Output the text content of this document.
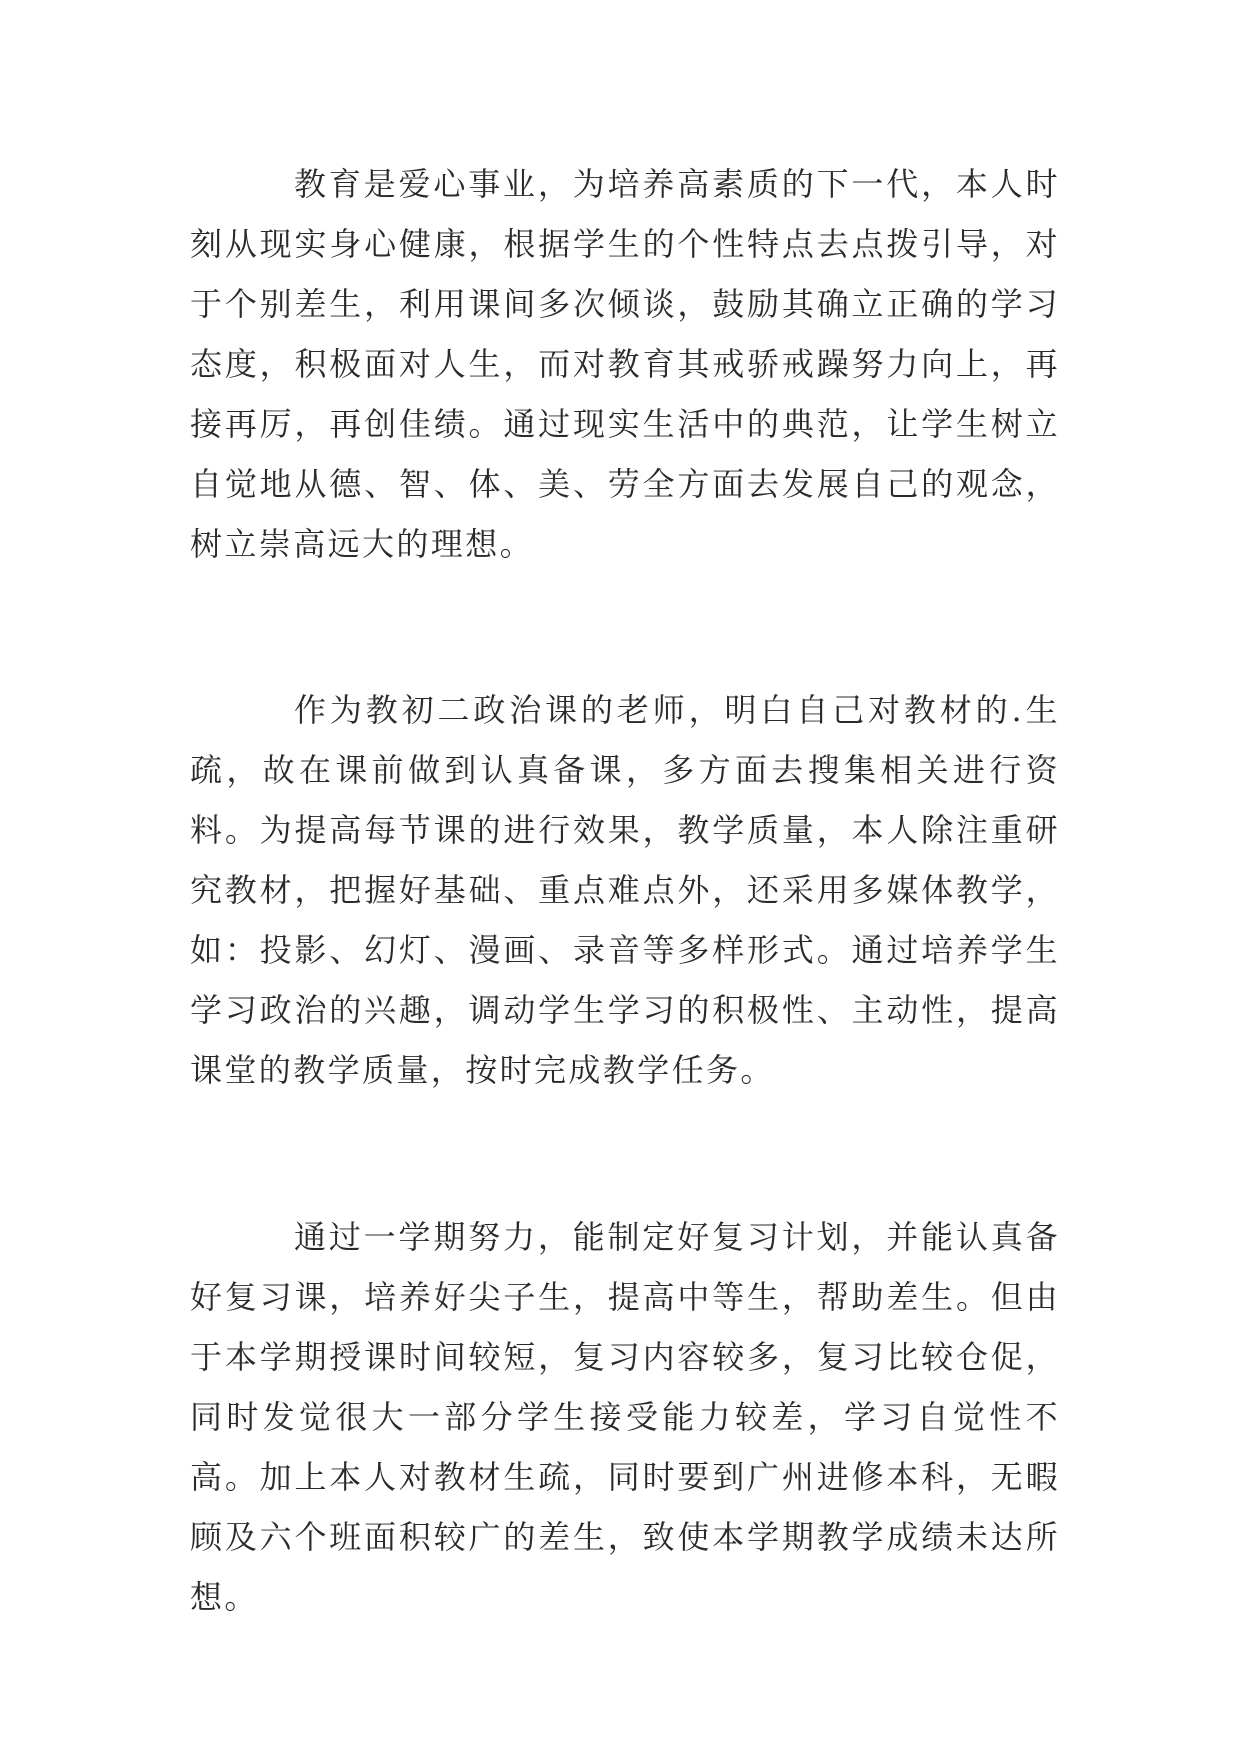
教育是爱心事业，为培养高素质的下一代，本人时刻从现实身心健康，根据学生的个性特点去点拨引导，对于个别差生，利用课间多次倾谈，鼓励其确立正确的学习态度，积极面对人生，而对教育其戒骄戒躁努力向上，再接再厉，再创佳绩。通过现实生活中的典范，让学生树立自觉地从德、智、体、美、劳全方面去发展自己的观念，树立崇高远大的理想。

作为教初二政治课的老师，明白自己对教材的.生疏，故在课前做到认真备课，多方面去搜集相关进行资料。为提高每节课的进行效果，教学质量，本人除注重研究教材，把握好基础、重点难点外，还采用多媒体教学，如：投影、幻灯、漫画、录音等多样形式。通过培养学生学习政治的兴趣，调动学生学习的积极性、主动性，提高课堂的教学质量，按时完成教学任务。

通过一学期努力，能制定好复习计划，并能认真备好复习课，培养好尖子生，提高中等生，帮助差生。但由于本学期授课时间较短，复习内容较多，复习比较仓促，同时发觉很大一部分学生接受能力较差，学习自觉性不高。加上本人对教材生疏，同时要到广州进修本科，无暇顾及六个班面积较广的差生，致使本学期教学成绩未达所想。
